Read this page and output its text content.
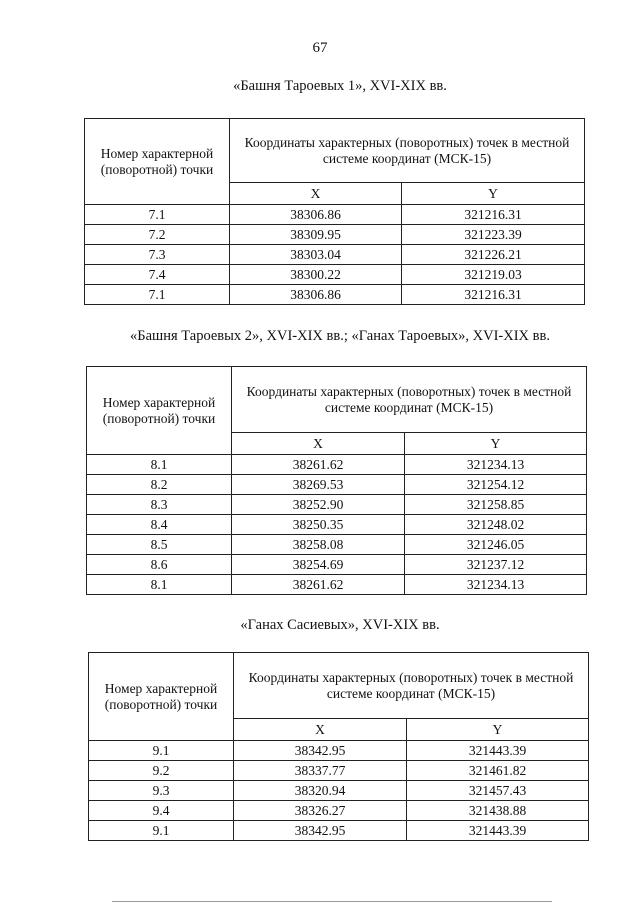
67
«Башня Тароевых 1», XVI-XIX вв.
Номер характерной (поворотной) точки	Координаты характерных (поворотных) точек в местной системе координат (МСК-15)	
	X	Y
7.1	38306.86	321216.31
7.2	38309.95	321223.39
7.3	38303.04	321226.21
7.4	38300.22	321219.03
7.1	38306.86	321216.31
«Башня Тароевых 2», XVI-XIX вв.; «Ганах Тароевых», XVI-XIX вв.
Номер характерной (поворотной) точки	Координаты характерных (поворотных) точек в местной системе координат (МСК-15)	
	X	Y
8.1	38261.62	321234.13
8.2	38269.53	321254.12
8.3	38252.90	321258.85
8.4	38250.35	321248.02
8.5	38258.08	321246.05
8.6	38254.69	321237.12
8.1	38261.62	321234.13
«Ганах Сасиевых», XVI-XIX вв.
Номер характерной (поворотной) точки	Координаты характерных (поворотных) точек в местной системе координат (МСК-15)	
	X	Y
9.1	38342.95	321443.39
9.2	38337.77	321461.82
9.3	38320.94	321457.43
9.4	38326.27	321438.88
9.1	38342.95	321443.39
